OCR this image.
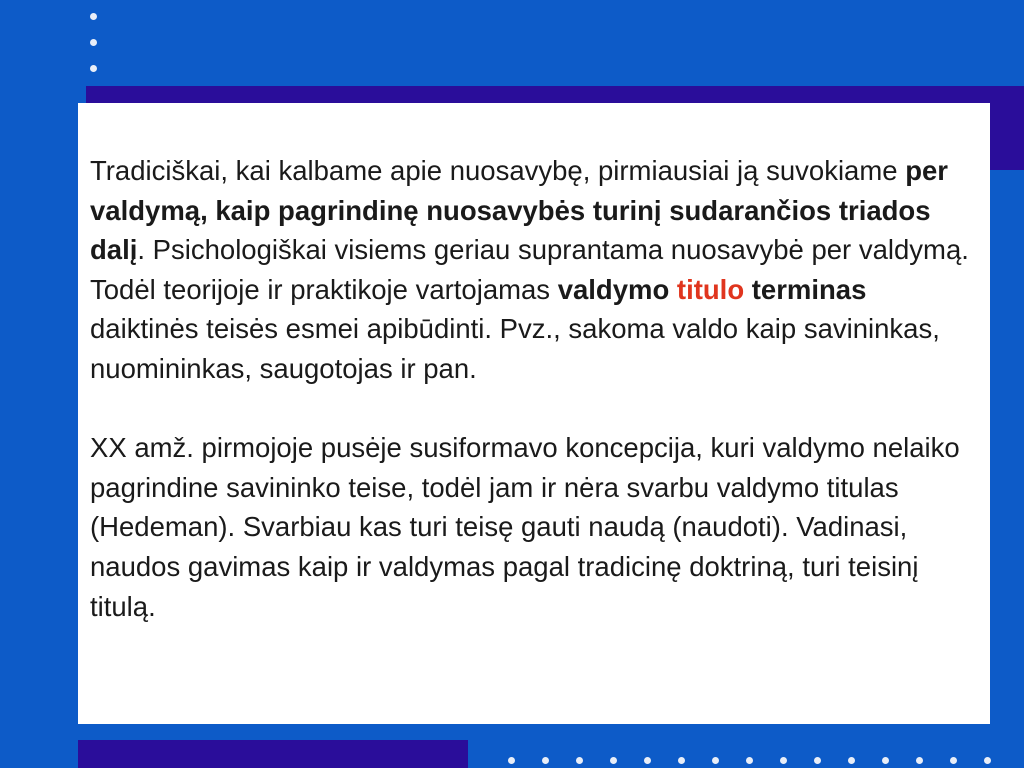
Tradiciškai, kai kalbame apie nuosavybę, pirmiausiai ją suvokiame per valdymą, kaip pagrindinę nuosavybės turinį sudarančios triados dalį. Psichologiškai visiems geriau suprantama nuosavybė per valdymą. Todėl teorijoje ir praktikoje vartojamas valdymo titulo terminas daiktinės teisės esmei apibūdinti. Pvz., sakoma valdo kaip savininkas, nuomininkas, saugotojas ir pan.

XX amž. pirmojoje pusėje susiformavo koncepcija, kuri valdymo nelaiko pagrindine savininko teise, todėl jam ir nėra svarbu valdymo titulas (Hedeman). Svarbiau kas turi teisę gauti naudą (naudoti). Vadinasi, naudos gavimas kaip ir valdymas pagal tradicinę doktriną, turi teisinį titulą.
